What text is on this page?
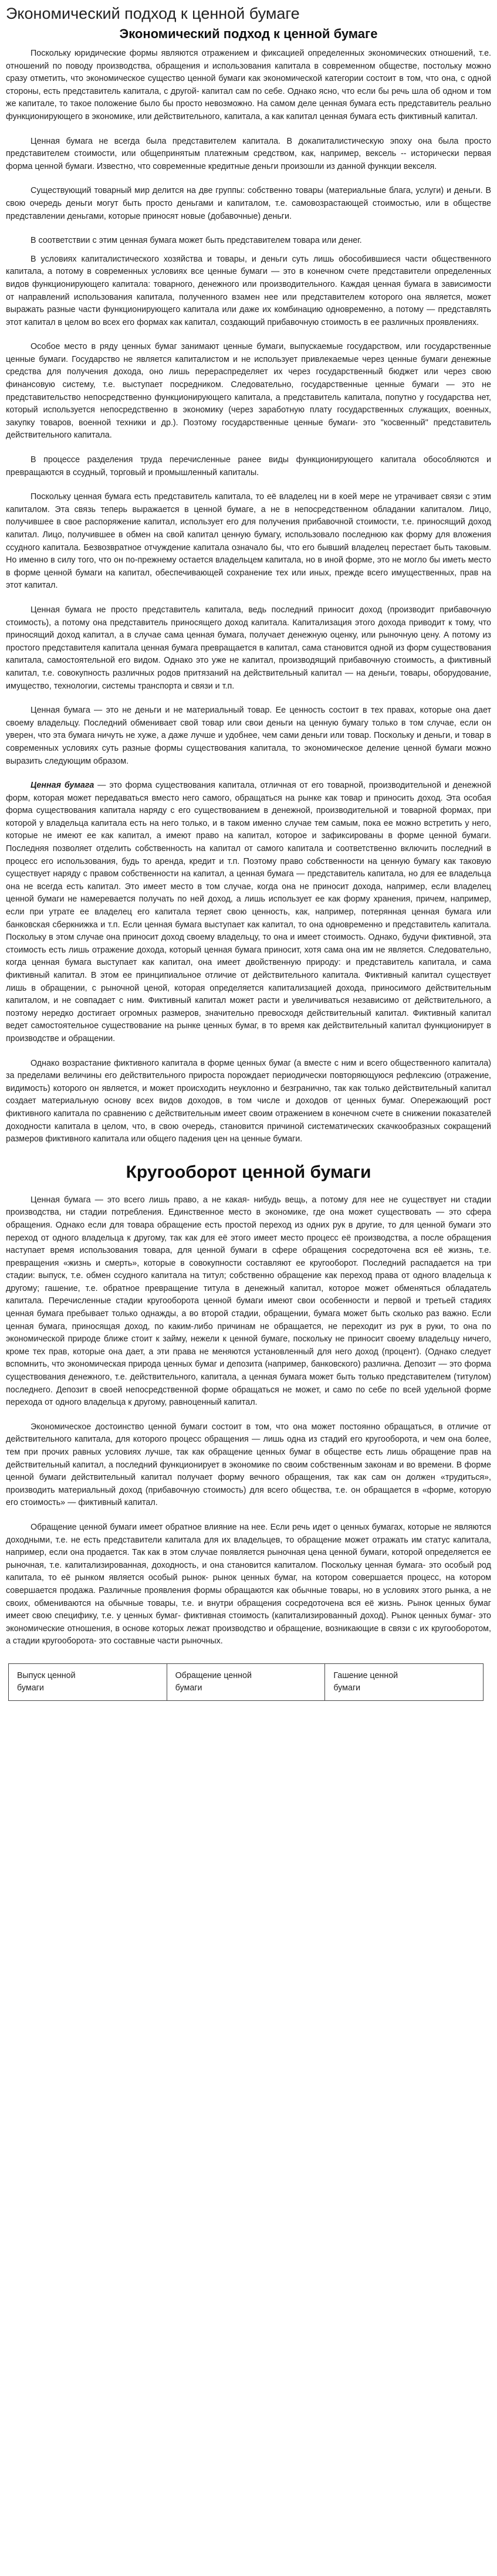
Экономический подход к ценной бумаге
Экономический подход к ценной бумаге

Поскольку юридические формы являются отражением и фиксацией определенных экономических отношений, т.е. отношений по поводу производства, обращения и использования капитала в современном обществе, постольку можно сразу отметить, что экономическое существо ценной бумаги как экономической категории состоит в том, что она, с одной стороны, есть представитель капитала, с другой- капитал сам по себе. Однако ясно, что если бы речь шла об одном и том же капитале, то такое положение было бы просто невозможно. На самом деле ценная бумага есть представитель реально функционирующего в экономике, или действительного, капитала, а как капитал ценная бумага есть фиктивный капитал.

Ценная бумага не всегда была представителем капитала. В докапиталистическую эпоху она была просто представителем стоимости, или общепринятым платежным средством, как, например, вексель -- исторически первая форма ценной бумаги. Известно, что современные кредитные деньги произошли из данной функции векселя.

Существующий товарный мир делится на две группы: собственно товары (материальные блага, услуги) и деньги. В свою очередь деньги могут быть просто деньгами и капиталом, т.е. самовозрастающей стоимостью, или в обществе представлении деньгами, которые приносят новые (добавочные) деньги.

В соответствии с этим ценная бумага может быть представителем товара или денег.

В условиях капиталистического хозяйства и товары, и деньги суть лишь обособившиеся части общественного капитала, а потому в современных условиях все ценные бумаги — это в конечном счете представители определенных видов функционирующего капитала: товарного, денежного или производительного. Каждая ценная бумага в зависимости от направлений использования капитала, полученного взамен нее или представителем которого она является, может выражать разные части функционирующего капитала или даже их комбинацию одновременно, а потому — представлять этот капитал в целом во всех его формах как капитал, создающий прибавочную стоимость в ее различных проявлениях.

Особое место в ряду ценных бумаг занимают ценные бумаги, выпускаемые государством, или государственные ценные бумаги. Государство не является капиталистом и не использует привлекаемые через ценные бумаги денежные средства для получения дохода, оно лишь перераспределяет их через государственный бюджет или через свою финансовую систему, т.е. выступает посредником. Следовательно, государственные ценные бумаги — это не представительство непосредственно функционирующего капитала, а представитель капитала, попутно у государства нет, который используется непосредственно в экономику (через заработную плату государственных служащих, военных, закупку товаров, военной техники и др.). Поэтому государственные ценные бумаги- это "косвенный" представитель действительного капитала.

В процессе разделения труда перечисленные ранее виды функционирующего капитала обособляются и превращаются в ссудный, торговый и промышленный капиталы.

Поскольку ценная бумага есть представитель капитала, то её владелец ни в коей мере не утрачивает связи с этим капиталом. Эта связь теперь выражается в ценной бумаге, а не в непосредственном обладании капиталом. Лицо, получившее в свое распоряжение капитал, использует его для получения прибавочной стоимости, т.е. приносящий доход капитал. Лицо, получившее в обмен на свой капитал ценную бумагу, использовало последнюю как форму для вложения ссудного капитала. Безвозвратное отчуждение капитала означало бы, что его бывший владелец перестает быть таковым. Но именно в силу того, что он по-прежнему остается владельцем капитала, но в иной форме, это не могло бы иметь место в форме ценной бумаги на капитал, обеспечивающей сохранение тех или иных, прежде всего имущественных, прав на этот капитал.

Ценная бумага не просто представитель капитала, ведь последний приносит доход (производит прибавочную стоимость), а потому она представитель приносящего доход капитала. Капитализация этого дохода приводит к тому, что приносящий доход капитал, а в случае сама ценная бумага, получает денежную оценку, или рыночную цену. А потому из простого представителя капитала ценная бумага превращается в капитал, сама становится одной из форм существования капитала, самостоятельной его видом. Однако это уже не капитал, производящий прибавочную стоимость, а фиктивный капитал, т.е. совокупность различных родов притязаний на действительный капитал — на деньги, товары, оборудование, имущество, технологии, системы транспорта и связи и т.п.

Ценная бумага — это не деньги и не материальный товар. Ее ценность состоит в тех правах, которые она дает своему владельцу. Последний обменивает свой товар или свои деньги на ценную бумагу только в том случае, если он уверен, что эта бумага ничуть не хуже, а даже лучше и удобнее, чем сами деньги или товар. Поскольку и деньги, и товар в современных условиях суть разные формы существования капитала, то экономическое деление ценной бумаги можно выразить следующим образом.

Ценная бумага — это форма существования капитала, отличная от его товарной, производительной и денежной форм, которая может передаваться вместо него самого, обращаться на рынке как товар и приносить доход. Эта особая форма существования капитала наряду с его существованием в денежной, производительной и товарной формах, при которой у владельца капитала есть на него только, и в таком именно случае тем самым, пока ее можно встретить у него, которые не имеют ее как капитал, а имеют право на капитал, которое и зафиксированы в форме ценной бумаги. Последняя позволяет отделить собственность на капитал от самого капитала и соответственно включить последний в процесс его использования, будь то аренда, кредит и т.п. Поэтому право собственности на ценную бумагу как таковую существует наряду с правом собственности на капитал, а ценная бумага — представитель капитала, но для ее владельца она не всегда есть капитал. Это имеет место в том случае, когда она не приносит дохода, например, если владелец ценной бумаги не намеревается получать по ней доход, а лишь использует ее как форму хранения, причем, например, если при утрате ее владелец его капитала теряет свою ценность, как, например, потерянная ценная бумага или банковская сберкнижка и т.п. Если ценная бумага выступает как капитал, то она одновременно и представитель капитала. Поскольку в этом случае она приносит доход своему владельцу, то она и имеет стоимость. Однако, будучи фиктивной, эта стоимость есть лишь отражение дохода, который ценная бумага приносит, хотя сама она им не является. Следовательно, когда ценная бумага выступает как капитал, она имеет двойственную природу: и представитель капитала, и сама фиктивный капитал. В этом ее принципиальное отличие от действительного капитала. Фиктивный капитал существует лишь в обращении, с рыночной ценой, которая определяется капитализацией дохода, приносимого действительным капиталом, и не совпадает с ним. Фиктивный капитал может расти и увеличиваться независимо от действительного, а поэтому нередко достигает огромных размеров, значительно превосходя действительный капитал. Фиктивный капитал ведет самостоятельное существование на рынке ценных бумаг, в то время как действительный капитал функционирует в производстве и обращении.

Однако возрастание фиктивного капитала в форме ценных бумаг (а вместе с ним и всего общественного капитала) за пределами величины его действительного прироста порождает периодически повторяющуюся рефлексию (отражение, видимость) которого он является, и может происходить неуклонно и безгранично, так как только действительный капитал создает материальную основу всех видов доходов, в том числе и доходов от ценных бумаг. Опережающий рост фиктивного капитала по сравнению с действительным имеет своим отражением в конечном счете в снижении показателей доходности капитала в целом, что, в свою очередь, становится причиной систематических скачкообразных сокращений размеров фиктивного капитала или общего падения цен на ценные бумаги.

Кругооборот ценной бумаги

Ценная бумага — это всего лишь право, а не какая- нибудь вещь, а потому для нее не существует ни стадии производства, ни стадии потребления. Единственное место в экономике, где она может существовать — это сфера обращения. Однако если для товара обращение есть простой переход из одних рук в другие, то для ценной бумаги это переход от одного владельца к другому, так как для её этого имеет место процесс её производства, а после обращения наступает время использования товара, для ценной бумаги в сфере обращения сосредоточена вся её жизнь, т.е. превращения «жизнь и смерть», которые в совокупности составляют ее кругооборот. Последний распадается на три стадии: выпуск, т.е. обмен ссудного капитала на титул; собственно обращение как переход права от одного владельца к другому; гашение, т.е. обратное превращение титула в денежный капитал, которое может обменяться обладатель капитала. Перечисленные стадии кругооборота ценной бумаги имеют свои особенности и первой и третьей стадиях ценная бумага пребывает только однажды, а во второй стадии, обращении, бумага может быть сколько раз важно. Если ценная бумага, приносящая доход, по каким-либо причинам не обращается, не переходит из рук в руки, то она по экономической природе ближе стоит к займу, нежели к ценной бумаге, поскольку не приносит своему владельцу ничего, кроме тех прав, которые она дает, а эти права не меняются установленный для него доход (процент). (Однако следует вспомнить, что экономическая природа ценных бумаг и депозита (например, банковского) различна. Депозит — это форма существования денежного, т.е. действительного, капитала, а ценная бумага может быть только представителем (титулом) последнего. Депозит в своей непосредственной форме обращаться не может, и само по себе по всей удельной форме перехода от одного владельца к другому, равноценный капитал.

Экономическое достоинство ценной бумаги состоит в том, что она может постоянно обращаться, в отличие от действительного капитала, для которого процесс обращения — лишь одна из стадий его кругооборота, и чем она более, тем при прочих равных условиях лучше, так как обращение ценных бумаг в обществе есть лишь обращение прав на действительный капитал, а последний функционирует в экономике по своим собственным законам и во времени. В форме ценной бумаги действительный капитал получает форму вечного обращения, так как сам он должен «трудиться», производить материальный доход (прибавочную стоимость) для всего общества, т.е. он обращается в «форме, которую его стоимость» — фиктивный капитал.

Обращение ценной бумаги имеет обратное влияние на нее. Если речь идет о ценных бумагах, которые не являются доходными, т.е. не есть представители капитала для их владельцев, то обращение может отражать им статус капитала, например, если она продается. Так как в этом случае появляется рыночная цена ценной бумаги, которой определяется ее рыночная, т.е. капитализированная, доходность, и она становится капиталом. Поскольку ценная бумага- это особый род капитала, то её рынком является особый рынок- рынок ценных бумаг, на котором совершается процесс, на котором совершается продажа. Различные проявления формы обращаются как обычные товары, но в условиях этого рынка, а не своих, обмениваются на обычные товары, т.е. и внутри обращения сосредоточена вся её жизнь. Рынок ценных бумаг имеет свою специфику, т.е. у ценных бумаг- фиктивная стоимость (капитализированный доход). Рынок ценных бумаг- это экономические отношения, в основе которых лежат производство и обращение, возникающие в связи с их кругооборотом, а стадии кругооборота- это составные части рыночных.

Выпуск ценной
бумаги	Обращение ценной
бумаги	Гашение ценной
бумаги
